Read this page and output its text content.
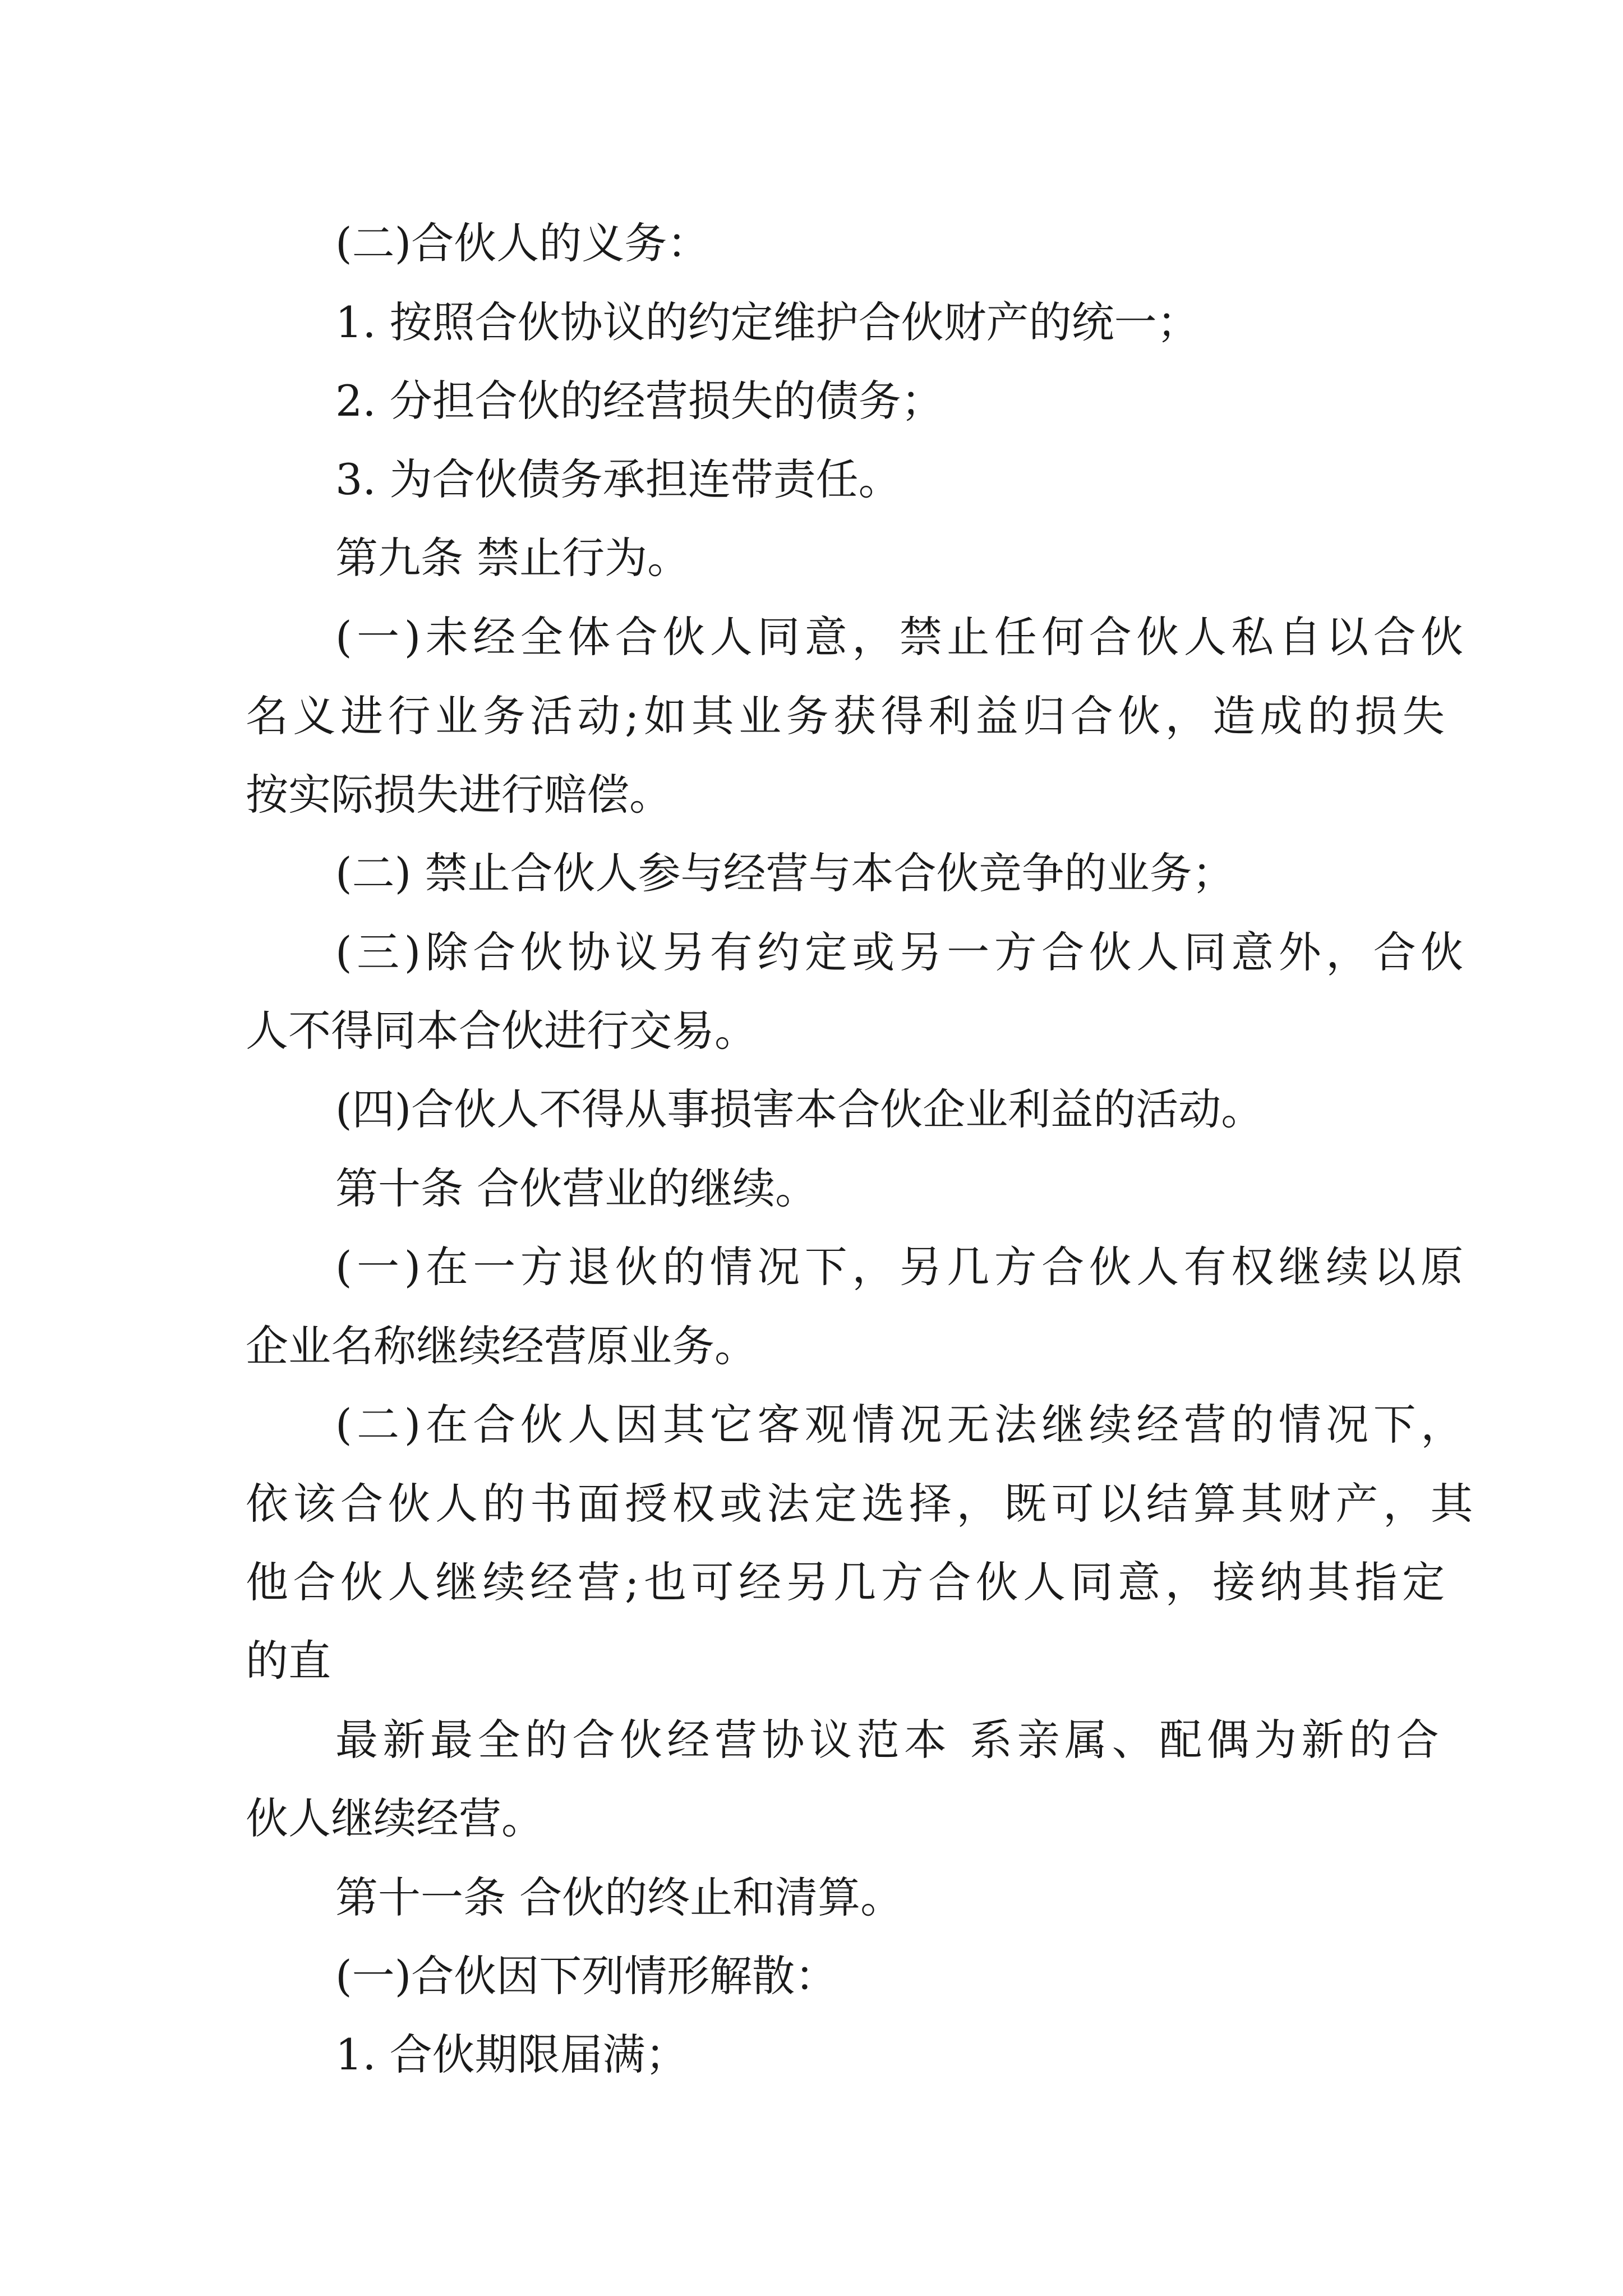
(二)合伙人的义务：
1. 按照合伙协议的约定维护合伙财产的统一；
2. 分担合伙的经营损失的债务；
3. 为合伙债务承担连带责任。
第九条 禁止行为。
(一)未经全体合伙人同意，禁止任何合伙人私自以合伙
名义进行业务活动;如其业务获得利益归合伙，造成的损失
按实际损失进行赔偿。
(二) 禁止合伙人参与经营与本合伙竞争的业务；
(三)除合伙协议另有约定或另一方合伙人同意外，合伙
人不得同本合伙进行交易。
(四)合伙人不得从事损害本合伙企业利益的活动。
第十条 合伙营业的继续。
(一)在一方退伙的情况下，另几方合伙人有权继续以原
企业名称继续经营原业务。
(二)在合伙人因其它客观情况无法继续经营的情况下，
依该合伙人的书面授权或法定选择，既可以结算其财产，其
他合伙人继续经营;也可经另几方合伙人同意，接纳其指定
的直
最新最全的合伙经营协议范本 系亲属、配偶为新的合
伙人继续经营。
第十一条 合伙的终止和清算。
(一)合伙因下列情形解散：
1. 合伙期限届满；
